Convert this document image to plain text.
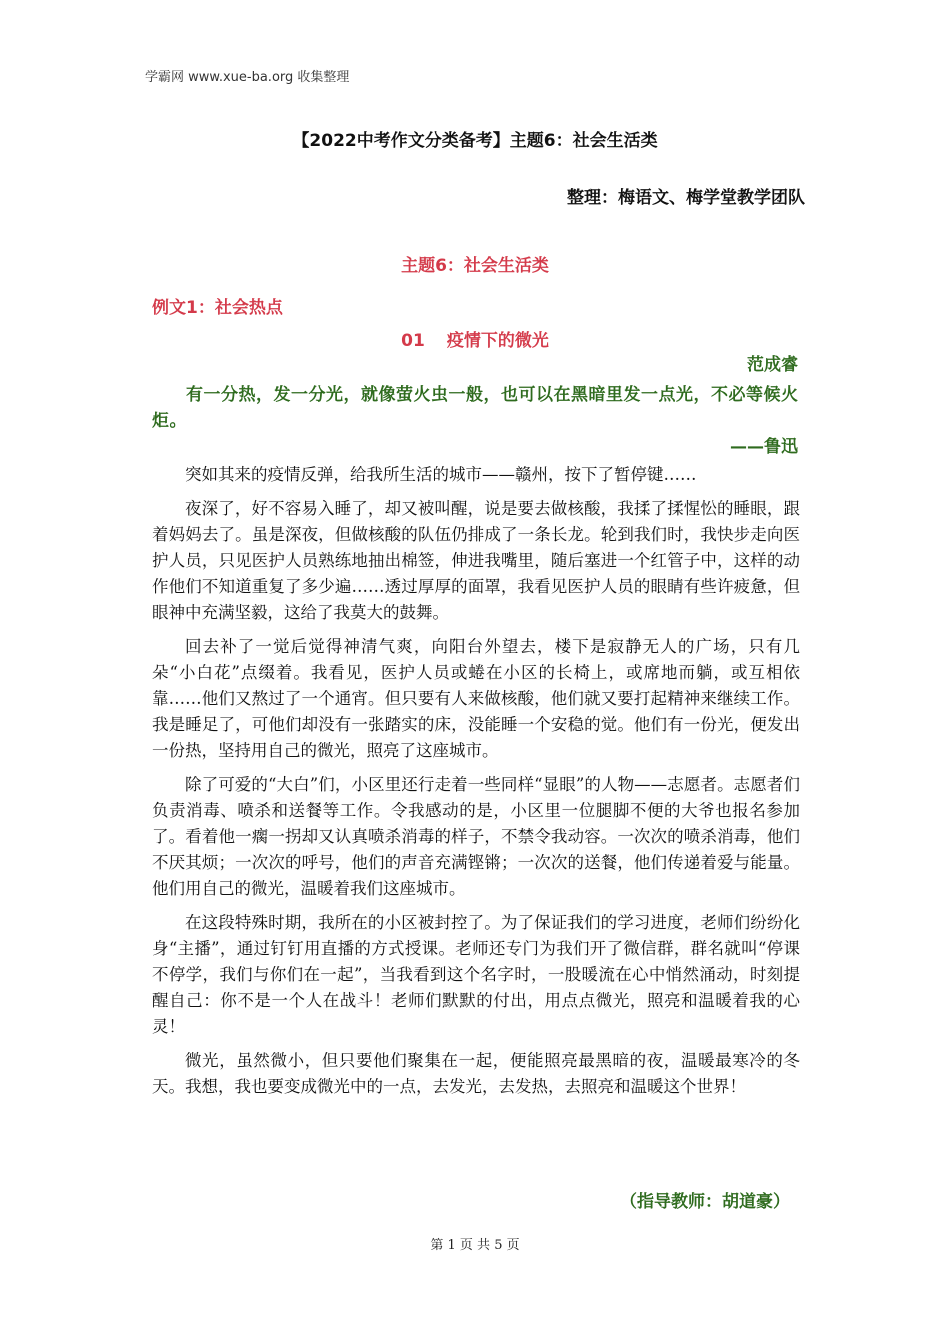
学霸网 www.xue-ba.org 收集整理
【2022中考作文分类备考】主题6：社会生活类
整理：梅语文、梅学堂教学团队
主题6：社会生活类
例文1：社会热点
01 疫情下的微光
范成睿
有一分热，发一分光，就像萤火虫一般，也可以在黑暗里发一点光，不必等候火炬。
——鲁迅

突如其来的疫情反弹，给我所生活的城市——赣州，按下了暂停键……

夜深了，好不容易入睡了，却又被叫醒，说是要去做核酸，我揉了揉惺忪的睡眼，跟着妈妈去了。虽是深夜，但做核酸的队伍仍排成了一条长龙。轮到我们时，我快步走向医护人员，只见医护人员熟练地抽出棉签，伸进我嘴里，随后塞进一个红管子中，这样的动作他们不知道重复了多少遍……透过厚厚的面罩，我看见医护人员的眼睛有些许疲惫，但眼神中充满坚毅，这给了我莫大的鼓舞。

回去补了一觉后觉得神清气爽，向阳台外望去，楼下是寂静无人的广场，只有几朵“小白花”点缀着。我看见，医护人员或蜷在小区的长椅上，或席地而躺，或互相依靠……他们又熬过了一个通宵。但只要有人来做核酸，他们就又要打起精神来继续工作。我是睡足了，可他们却没有一张踏实的床，没能睡一个安稳的觉。他们有一份光，便发出一份热，坚持用自己的微光，照亮了这座城市。

除了可爱的“大白”们，小区里还行走着一些同样“显眼”的人物——志愿者。志愿者们负责消毒、喷杀和送餐等工作。令我感动的是，小区里一位腿脚不便的大爷也报名参加了。看着他一瘸一拐却又认真喷杀消毒的样子，不禁令我动容。一次次的喷杀消毒，他们不厌其烦；一次次的呼号，他们的声音充满铿锵；一次次的送餐，他们传递着爱与能量。他们用自己的微光，温暖着我们这座城市。

在这段特殊时期，我所在的小区被封控了。为了保证我们的学习进度，老师们纷纷化身“主播”，通过钉钉用直播的方式授课。老师还专门为我们开了微信群，群名就叫“停课不停学，我们与你们在一起”，当我看到这个名字时，一股暖流在心中悄然涌动，时刻提醒自己：你不是一个人在战斗！老师们默默的付出，用点点微光，照亮和温暖着我的心灵！

微光，虽然微小，但只要他们聚集在一起，便能照亮最黑暗的夜，温暖最寒冷的冬天。我想，我也要变成微光中的一点，去发光，去发热，去照亮和温暖这个世界！

（指导教师：胡道豪）
第 1 页 共 5 页
